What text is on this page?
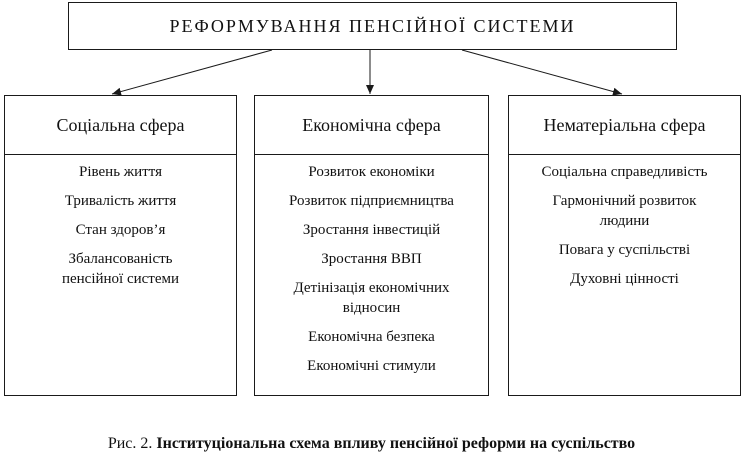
РЕФОРМУВАННЯ ПЕНСІЙНОЇ СИСТЕМИ
Соціальна сфера
Рівень життя
Тривалість життя
Стан здоров’я
Збалансованість
пенсійної системи
Економічна сфера
Розвиток економіки
Розвиток підприємництва
Зростання інвестицій
Зростання ВВП
Детінізація економічних
відносин
Економічна безпека
Економічні стимули
Нематеріальна сфера
Соціальна справедливість
Гармонічний розвиток
людини
Повага у суспільстві
Духовні цінності
Рис. 2. Інституціональна схема впливу пенсійної реформи на суспільство
